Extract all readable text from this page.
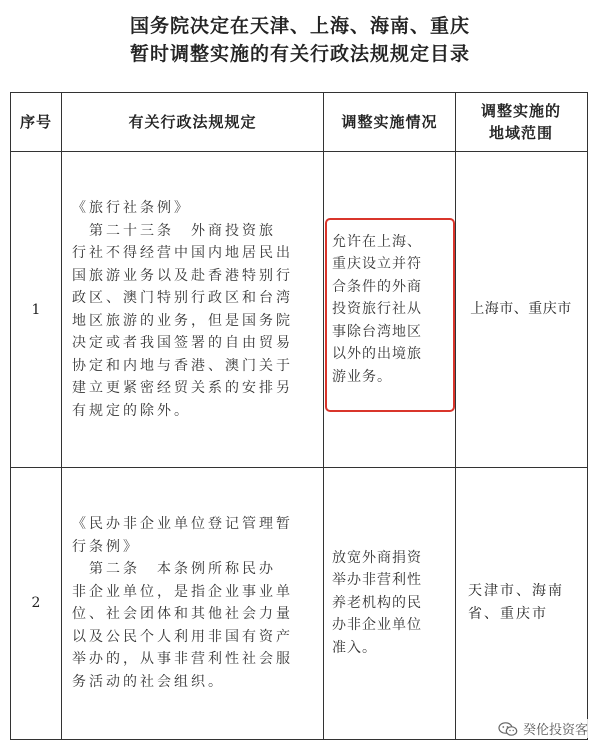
国务院决定在天津、上海、海南、重庆
暂时调整实施的有关行政法规规定目录
序号	有关行政法规规定	调整实施情况
调整实施的
地域范围
1
《旅行社条例》
　第二十三条　外商投资旅
行社不得经营中国内地居民出
国旅游业务以及赴香港特别行
政区、澳门特别行政区和台湾
地区旅游的业务，但是国务院
决定或者我国签署的自由贸易
协定和内地与香港、澳门关于
建立更紧密经贸关系的安排另
有规定的除外。
允许在上海、
重庆设立并符
合条件的外商
投资旅行社从
事除台湾地区
以外的出境旅
游业务。
上海市、重庆市
2
《民办非企业单位登记管理暂
行条例》
　第二条　本条例所称民办
非企业单位，是指企业事业单
位、社会团体和其他社会力量
以及公民个人利用非国有资产
举办的，从事非营利性社会服
务活动的社会组织。
放宽外商捐资
举办非营利性
养老机构的民
办非企业单位
准入。
天津市、海南
省、重庆市
癸伦投资客
